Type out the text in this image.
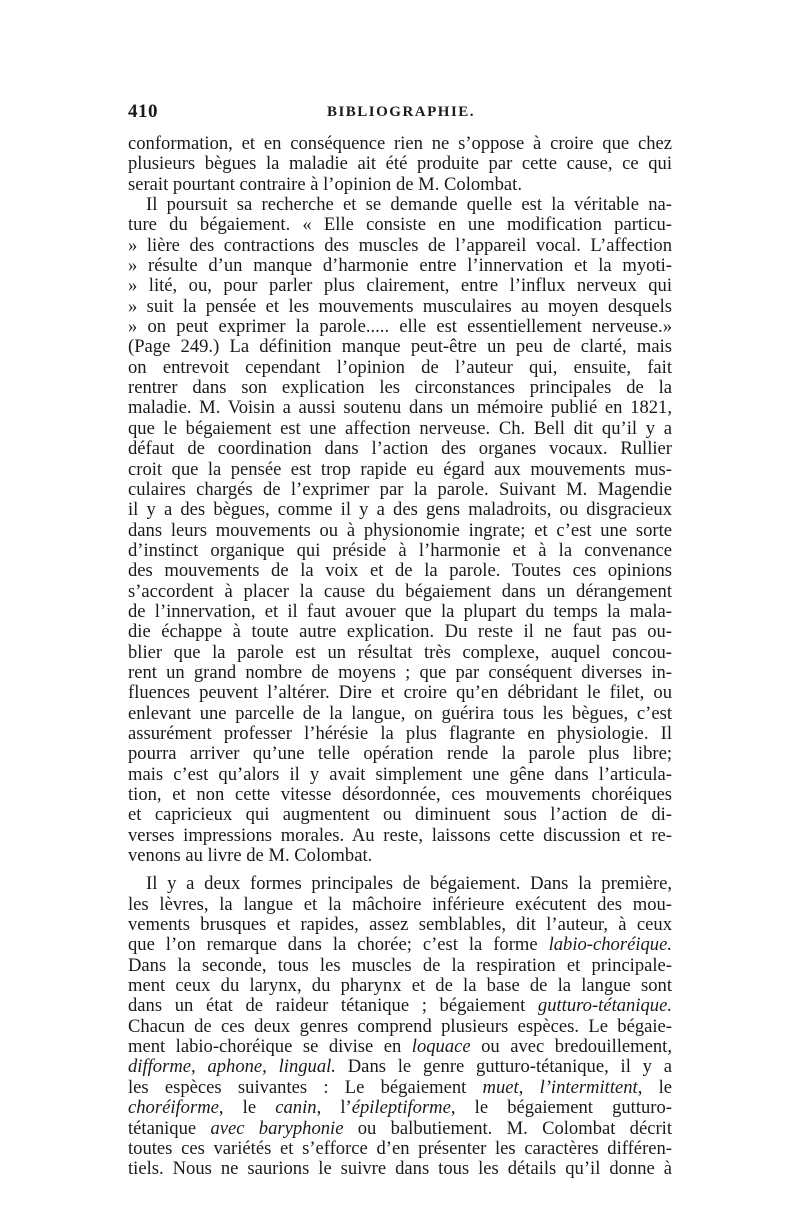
410	BIBLIOGRAPHIE.
conformation, et en conséquence rien ne s’oppose à croire que chez
plusieurs bègues la maladie ait été produite par cette cause, ce qui
serait pourtant contraire à l’opinion de M. Colombat.
Il poursuit sa recherche et se demande quelle est la véritable na-
ture du bégaiement. « Elle consiste en une modification particu-
» lière des contractions des muscles de l’appareil vocal. L’affection
» résulte d’un manque d’harmonie entre l’innervation et la myoti-
» lité, ou, pour parler plus clairement, entre l’influx nerveux qui
» suit la pensée et les mouvements musculaires au moyen desquels
» on peut exprimer la parole..... elle est essentiellement nerveuse.»
(Page 249.) La définition manque peut-être un peu de clarté, mais
on entrevoit cependant l’opinion de l’auteur qui, ensuite, fait
rentrer dans son explication les circonstances principales de la
maladie. M. Voisin a aussi soutenu dans un mémoire publié en 1821,
que le bégaiement est une affection nerveuse. Ch. Bell dit qu’il y a
défaut de coordination dans l’action des organes vocaux. Rullier
croit que la pensée est trop rapide eu égard aux mouvements mus-
culaires chargés de l’exprimer par la parole. Suivant M. Magendie
il y a des bègues, comme il y a des gens maladroits, ou disgracieux
dans leurs mouvements ou à physionomie ingrate; et c’est une sorte
d’instinct organique qui préside à l’harmonie et à la convenance
des mouvements de la voix et de la parole. Toutes ces opinions
s’accordent à placer la cause du bégaiement dans un dérangement
de l’innervation, et il faut avouer que la plupart du temps la mala-
die échappe à toute autre explication. Du reste il ne faut pas ou-
blier que la parole est un résultat très complexe, auquel concou-
rent un grand nombre de moyens ; que par conséquent diverses in-
fluences peuvent l’altérer. Dire et croire qu’en débridant le filet, ou
enlevant une parcelle de la langue, on guérira tous les bègues, c’est
assurément professer l’hérésie la plus flagrante en physiologie. Il
pourra arriver qu’une telle opération rende la parole plus libre;
mais c’est qu’alors il y avait simplement une gêne dans l’articula-
tion, et non cette vitesse désordonnée, ces mouvements choréiques
et capricieux qui augmentent ou diminuent sous l’action de di-
verses impressions morales. Au reste, laissons cette discussion et re-
venons au livre de M. Colombat.
Il y a deux formes principales de bégaiement. Dans la première,
les lèvres, la langue et la mâchoire inférieure exécutent des mou-
vements brusques et rapides, assez semblables, dit l’auteur, à ceux
que l’on remarque dans la chorée; c’est la forme labio-choréique.
Dans la seconde, tous les muscles de la respiration et principale-
ment ceux du larynx, du pharynx et de la base de la langue sont
dans un état de raideur tétanique ; bégaiement gutturo-tétanique.
Chacun de ces deux genres comprend plusieurs espèces. Le bégaie-
ment labio-choréique se divise en loquace ou avec bredouillement,
difforme, aphone, lingual. Dans le genre gutturo-tétanique, il y a
les espèces suivantes : Le bégaiement muet, l’intermittent, le
choréiforme, le canin, l’épileptiforme, le bégaiement gutturo-
tétanique avec baryphonie ou balbutiement. M. Colombat décrit
toutes ces variétés et s’efforce d’en présenter les caractères différen-
tiels. Nous ne saurions le suivre dans tous les détails qu’il donne à
